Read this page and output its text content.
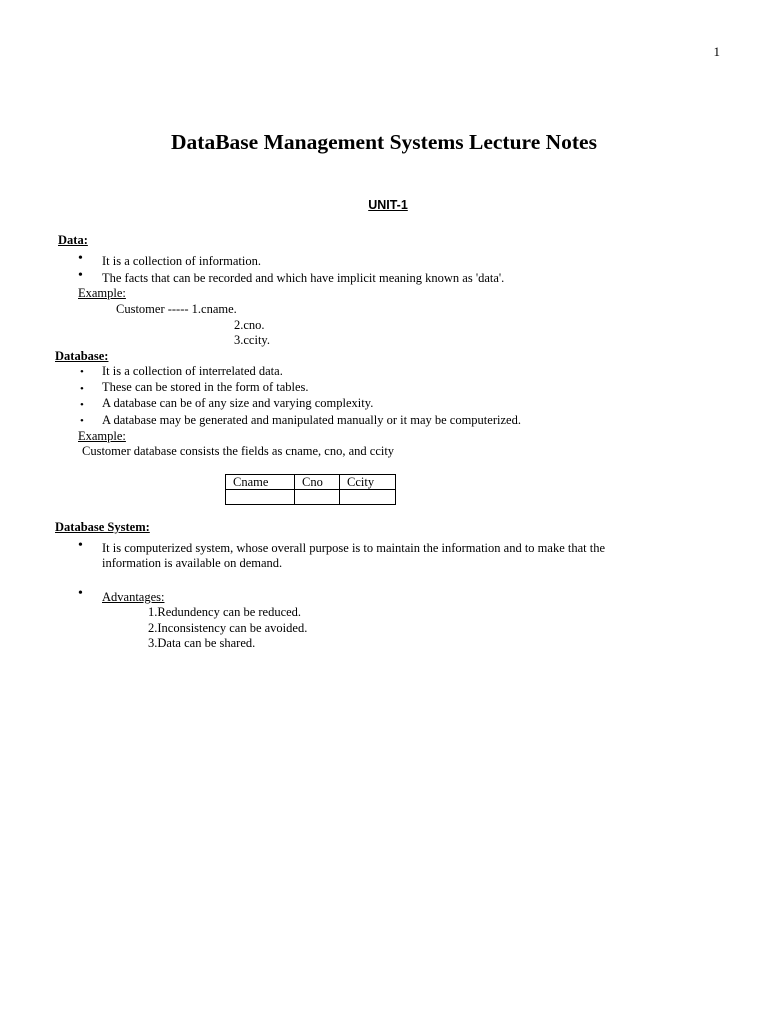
1
DataBase Management Systems Lecture Notes
UNIT-1
Data:
• It is a collection of information.
• The facts that can be recorded and which have implicit meaning known as 'data'.
Example:
Customer ----- 1.cname.
2.cno.
3.ccity.
Database:
• It is a collection of interrelated data.
• These can be stored in the form of tables.
• A database can be of any size and varying complexity.
• A database may be generated and manipulated manually or it may be computerized.
Example:
Customer database consists the fields as cname, cno, and ccity
Cname	Cno	Ccity

Database System:
• It is computerized system, whose overall purpose is to maintain the information and to make that the
information is available on demand.
• Advantages:
1.Redundency can be reduced.
2.Inconsistency can be avoided.
3.Data can be shared.
